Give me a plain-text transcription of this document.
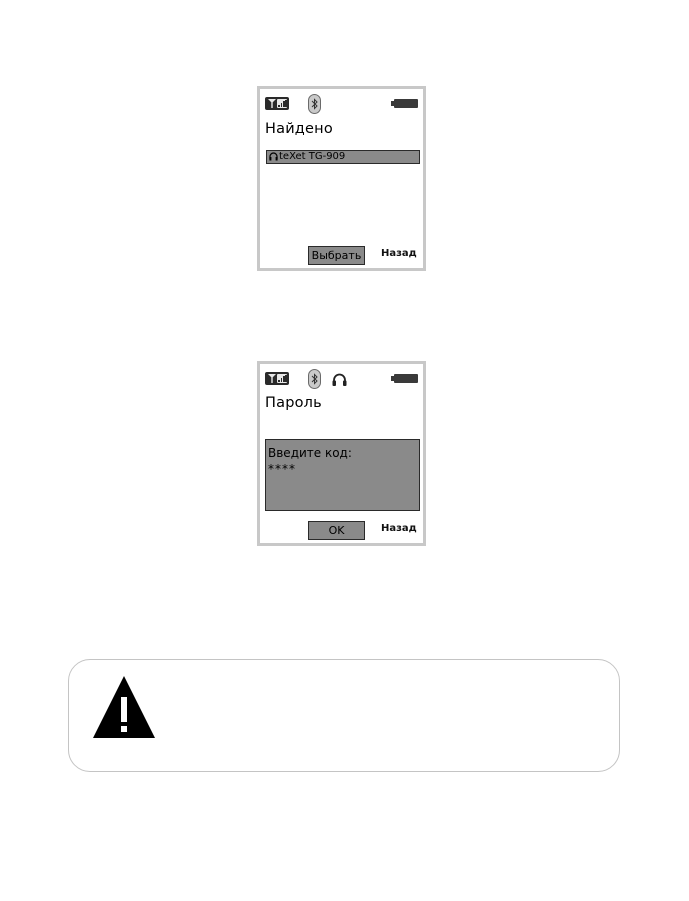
Найдено
teXet TG-909
Выбрать	Назад
Пароль
Введите код:
****
OK	Назад
